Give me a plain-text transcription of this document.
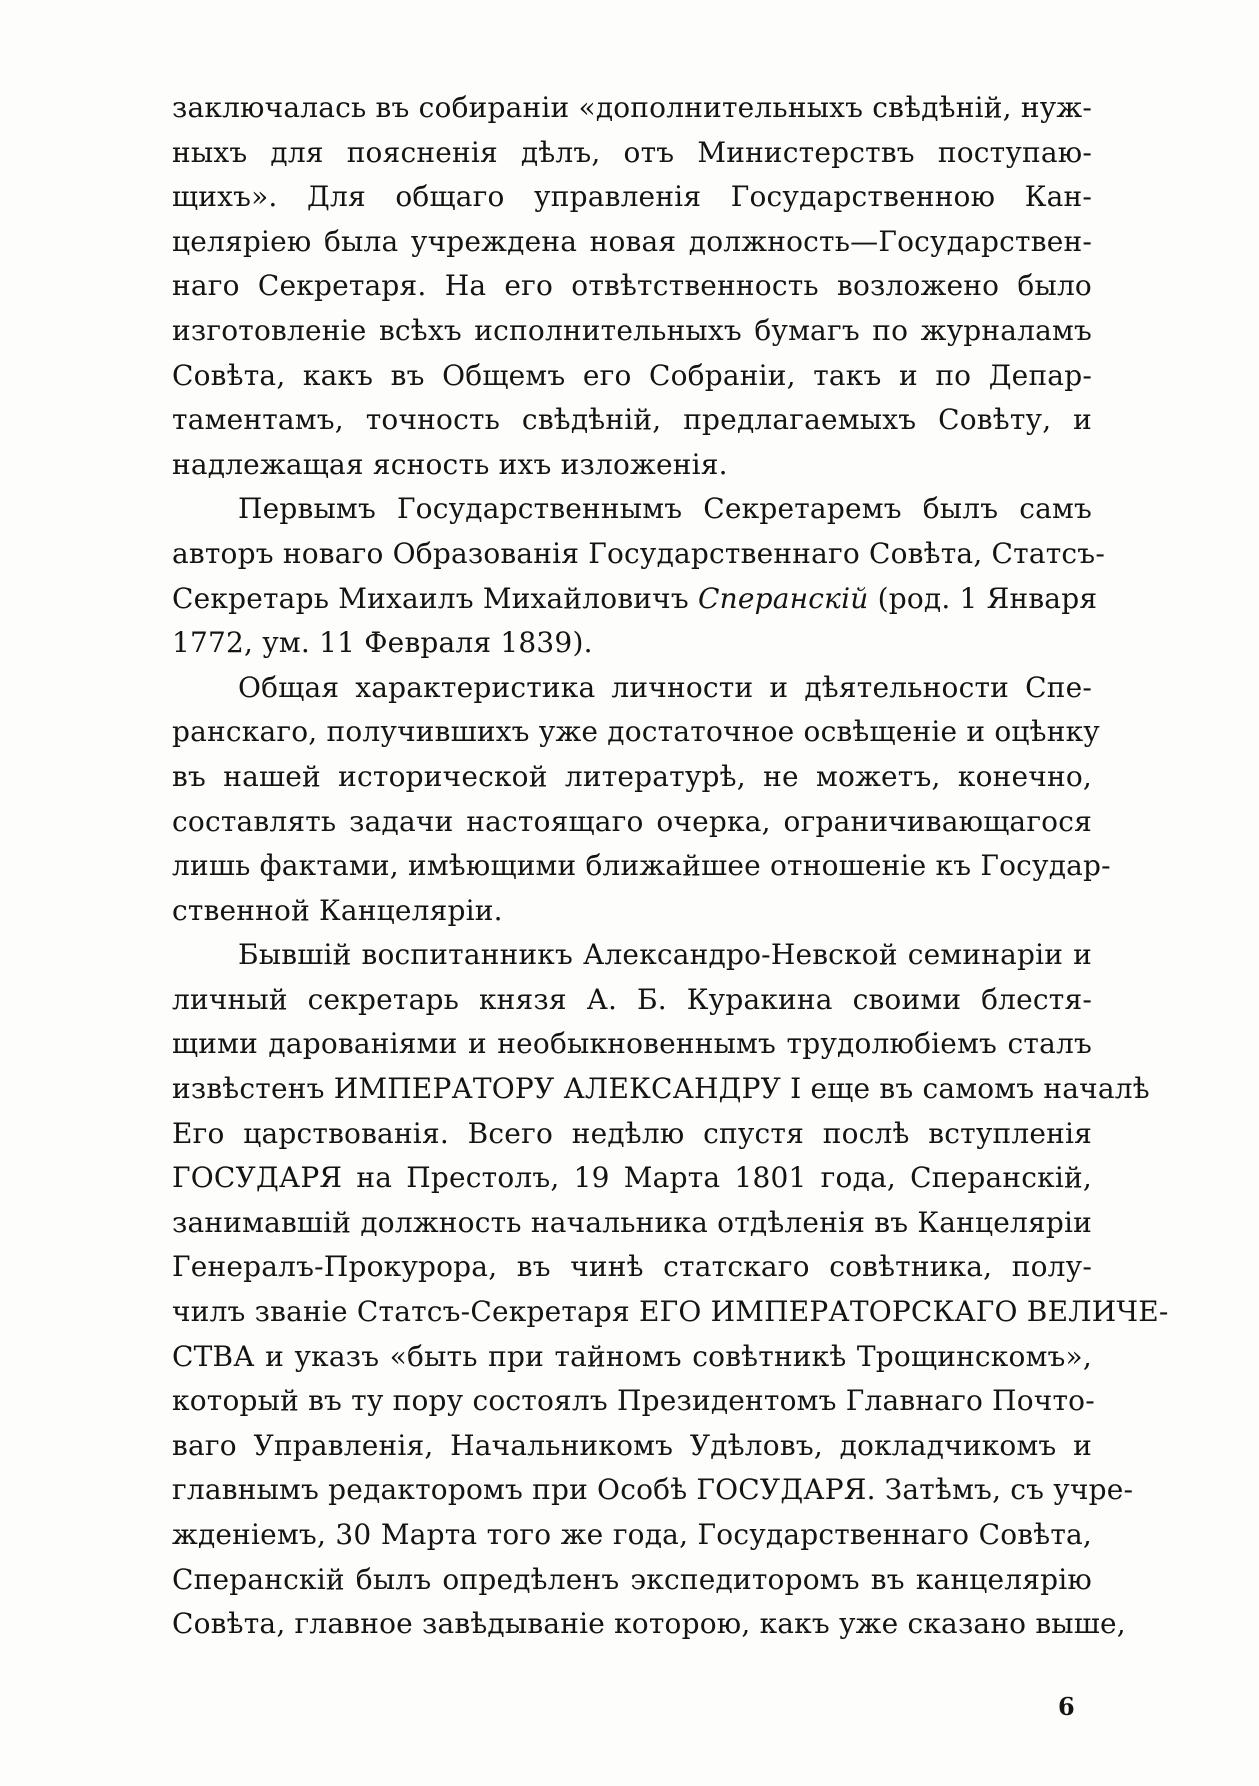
заключалась въ собиранiи «дополнительныхъ свѣдѣнiй, нуж-
ныхъ для поясненiя дѣлъ, отъ Министерствъ поступаю-
щихъ». Для общаго управленiя Государственною Кан-
целярiею была учреждена новая должность—Государствен-
наго Секретаря. На его отвѣтственность возложено было
изготовленiе всѣхъ исполнительныхъ бумагъ по журналамъ
Совѣта, какъ въ Общемъ его Собранiи, такъ и по Депар-
таментамъ, точность свѣдѣнiй, предлагаемыхъ Совѣту, и
надлежащая ясность ихъ изложенiя.
Первымъ Государственнымъ Секретаремъ былъ самъ
авторъ новаго Образованiя Государственнаго Совѣта, Статсъ-
Секретарь Михаилъ Михайловичъ Сперанскiй (род. 1 Января
1772, ум. 11 Февраля 1839).
Общая характеристика личности и дѣятельности Спе-
ранскаго, получившихъ уже достаточное освѣщенiе и оцѣнку
въ нашей исторической литературѣ, не можетъ, конечно,
составлять задачи настоящаго очерка, ограничивающагося
лишь фактами, имѣющими ближайшее отношенiе къ Государ-
ственной Канцелярiи.
Бывшiй воспитанникъ Александро-Невской семинарiи и
личный секретарь князя А. Б. Куракина своими блестя-
щими дарованiями и необыкновеннымъ трудолюбiемъ сталъ
извѣстенъ ИМПЕРАТОРУ АЛЕКСАНДРУ I еще въ самомъ началѣ
Его царствованiя. Всего недѣлю спустя послѣ вступленiя
ГОСУДАРЯ на Престолъ, 19 Марта 1801 года, Сперанскiй,
занимавшiй должность начальника отдѣленiя въ Канцелярiи
Генералъ-Прокурора, въ чинѣ статскаго совѣтника, полу-
чилъ званiе Статсъ-Секретаря ЕГО ИМПЕРАТОРСКАГО ВЕЛИЧЕ-
СТВА и указъ «быть при тайномъ совѣтникѣ Трощинскомъ»,
который въ ту пору состоялъ Президентомъ Главнаго Почто-
ваго Управленiя, Начальникомъ Удѣловъ, докладчикомъ и
главнымъ редакторомъ при Особѣ ГОСУДАРЯ. Затѣмъ, съ учре-
жденiемъ, 30 Марта того же года, Государственнаго Совѣта,
Сперанскiй былъ опредѣленъ экспедиторомъ въ канцелярiю
Совѣта, главное завѣдыванiе которою, какъ уже сказано выше,
6
